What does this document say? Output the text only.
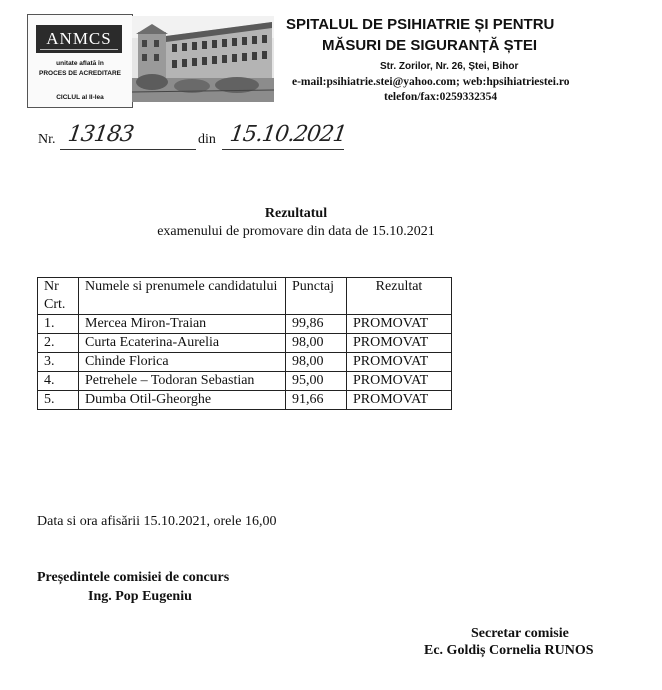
ANMCS
unitate aflată în
PROCES DE ACREDITARE
CICLUL al II-lea
SPITALUL DE PSIHIATRIE ȘI PENTRU
MĂSURI DE SIGURANȚĂ ȘTEI
Str. Zorilor, Nr. 26, Ștei, Bihor
e-mail:psihiatrie.stei@yahoo.com; web:hpsihiatriestei.ro
telefon/fax:0259332354
Nr. 13183	din 15.10.2021
Rezultatul
examenului de promovare din data de 15.10.2021
Nr Crt.	Numele si prenumele candidatului	Punctaj	Rezultat
1.	Mercea Miron-Traian	99,86	PROMOVAT
2.	Curta Ecaterina-Aurelia	98,00	PROMOVAT
3.	Chinde Florica	98,00	PROMOVAT
4.	Petrehele – Todoran Sebastian	95,00	PROMOVAT
5.	Dumba Otil-Gheorghe	91,66	PROMOVAT
Data si ora afisării 15.10.2021, orele 16,00
Președintele comisiei de concurs
Ing. Pop Eugeniu
Secretar comisie
Ec. Goldiș Cornelia RUNOS
